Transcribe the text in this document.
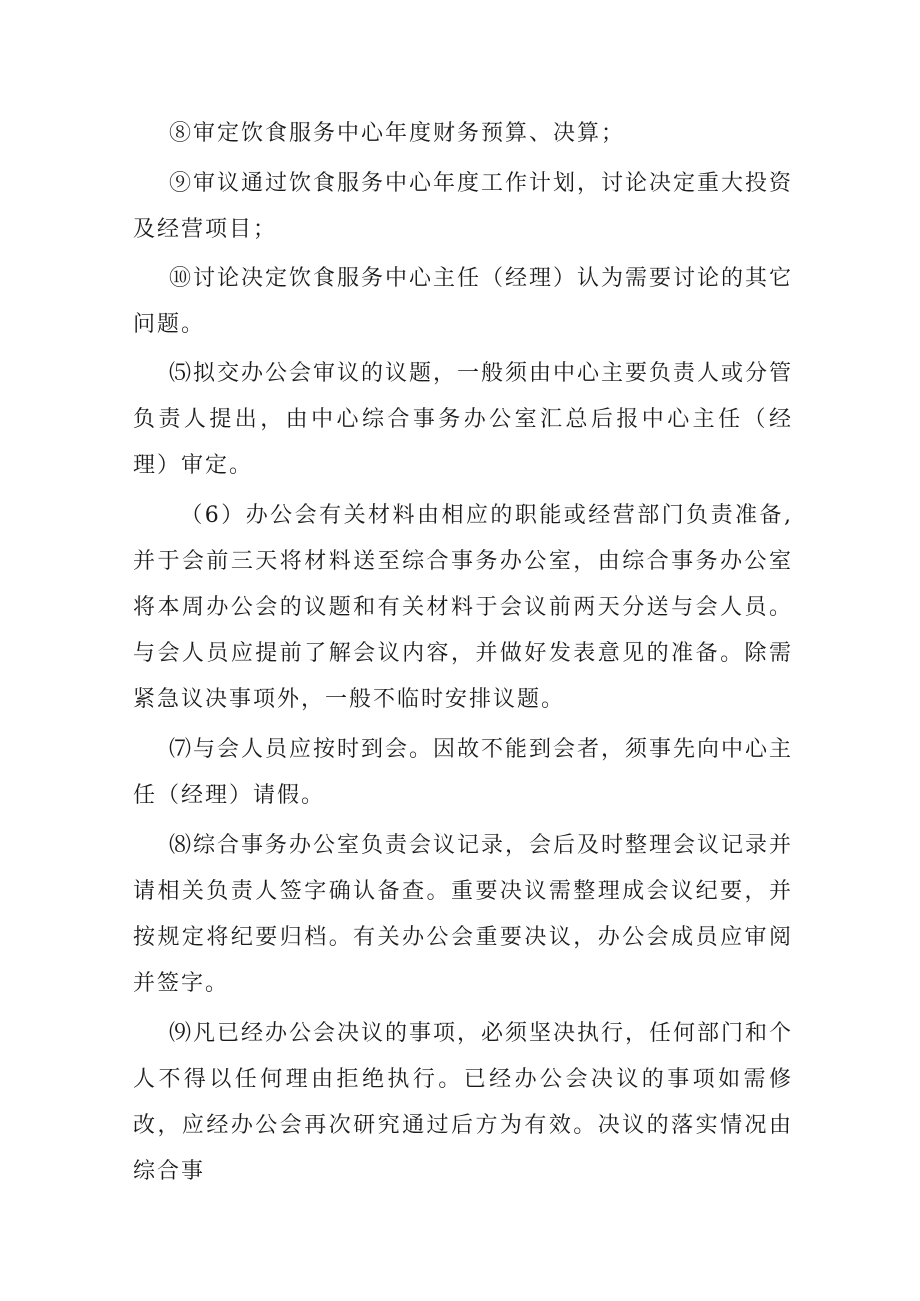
⑧审定饮食服务中心年度财务预算、决算；

⑨审议通过饮食服务中心年度工作计划，讨论决定重大投资及经营项目；

⑩讨论决定饮食服务中心主任（经理）认为需要讨论的其它问题。

⑸拟交办公会审议的议题，一般须由中心主要负责人或分管负责人提出，由中心综合事务办公室汇总后报中心主任（经理）审定。

（6）办公会有关材料由相应的职能或经营部门负责准备,并于会前三天将材料送至综合事务办公室，由综合事务办公室将本周办公会的议题和有关材料于会议前两天分送与会人员。与会人员应提前了解会议内容，并做好发表意见的准备。除需紧急议决事项外，一般不临时安排议题。

⑺与会人员应按时到会。因故不能到会者，须事先向中心主任（经理）请假。

⑻综合事务办公室负责会议记录，会后及时整理会议记录并请相关负责人签字确认备查。重要决议需整理成会议纪要，并按规定将纪要归档。有关办公会重要决议，办公会成员应审阅并签字。

⑼凡已经办公会决议的事项，必须坚决执行，任何部门和个人不得以任何理由拒绝执行。已经办公会决议的事项如需修改，应经办公会再次研究通过后方为有效。决议的落实情况由综合事
